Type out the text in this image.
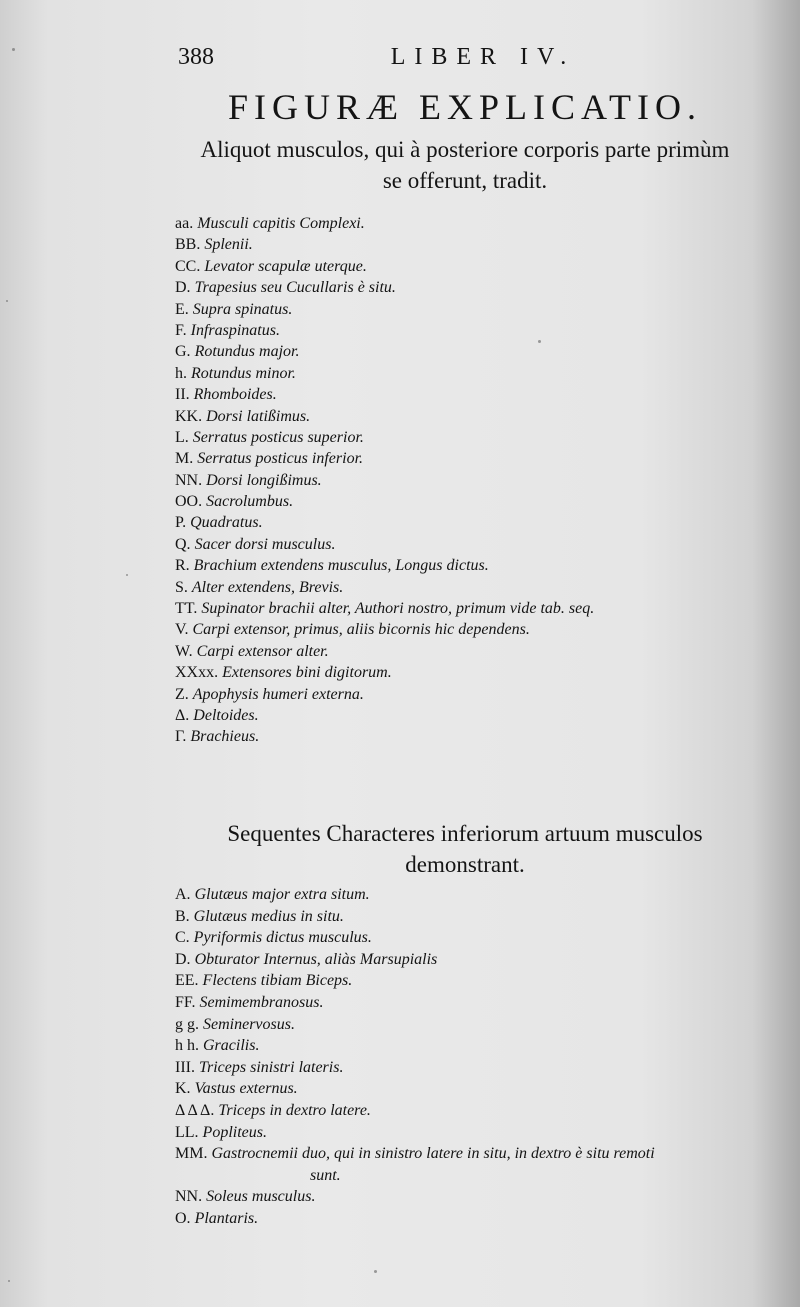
388	LIBER IV.
FIGURÆ EXPLICATIO.
Aliquot musculos, qui à posteriore corporis parte primùm
se offerunt, tradit.
aa. Musculi capitis Complexi.
BB. Splenii.
CC. Levator scapulæ uterque.
D. Trapesius seu Cucullaris è situ.
E. Supra spinatus.
F. Infraspinatus.
G. Rotundus major.
h. Rotundus minor.
II. Rhomboides.
KK. Dorsi latißimus.
L. Serratus posticus superior.
M. Serratus posticus inferior.
NN. Dorsi longißimus.
OO. Sacrolumbus.
P. Quadratus.
Q. Sacer dorsi musculus.
R. Brachium extendens musculus, Longus dictus.
S. Alter extendens, Brevis.
TT. Supinator brachii alter, Authori nostro, primum vide tab. seq.
V. Carpi extensor, primus, aliis bicornis hic dependens.
W. Carpi extensor alter.
XXxx. Extensores bini digitorum.
Z. Apophysis humeri externa.
Δ. Deltoides.
Γ. Brachieus.
Sequentes Characteres inferiorum artuum musculos
demonstrant.
A. Glutæus major extra situm.
B. Glutæus medius in situ.
C. Pyriformis dictus musculus.
D. Obturator Internus, aliàs Marsupialis
EE. Flectens tibiam Biceps.
FF. Semimembranosus.
g g. Seminervosus.
h h. Gracilis.
III. Triceps sinistri lateris.
K. Vastus externus.
Δ Δ Δ. Triceps in dextro latere.
LL. Popliteus.
MM. Gastrocnemii duo, qui in sinistro latere in situ, in dextro è situ remoti
sunt.
NN. Soleus musculus.
O. Plantaris.
